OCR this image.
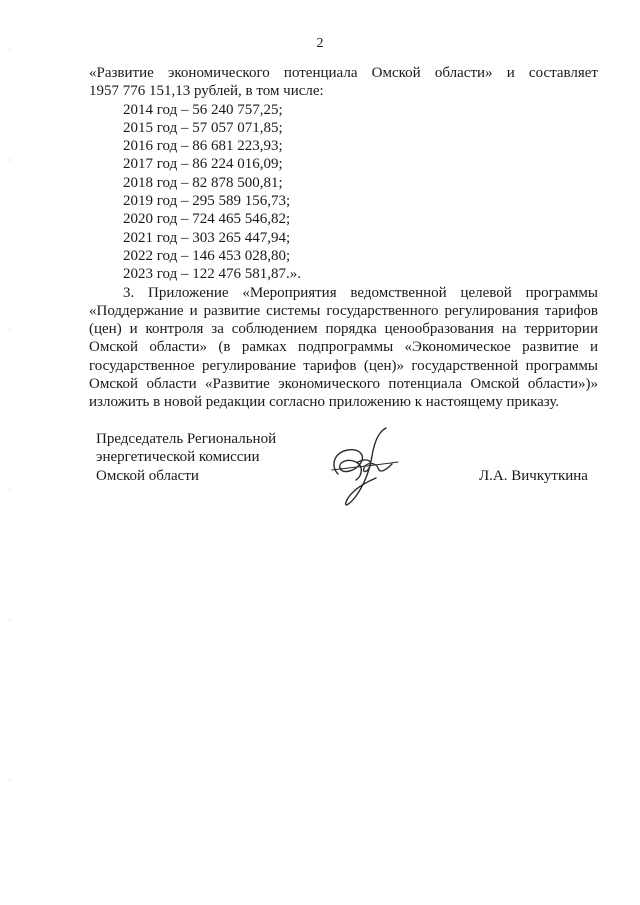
2

«Развитие экономического потенциала Омской области» и составляет

1957 776 151,13 рублей, в том числе:

2014 год – 56 240 757,25;
2015 год – 57 057 071,85;
2016 год – 86 681 223,93;
2017 год – 86 224 016,09;
2018 год – 82 878 500,81;
2019 год – 295 589 156,73;
2020 год – 724 465 546,82;
2021 год – 303 265 447,94;
2022 год – 146 453 028,80;
2023 год – 122 476 581,87.».

3. Приложение «Мероприятия ведомственной целевой программы «Поддержание и развитие системы государственного регулирования тарифов (цен) и контроля за соблюдением порядка ценообразования на территории Омской области» (в рамках подпрограммы «Экономическое развитие и государственное регулирование тарифов (цен)» государственной программы Омской области «Развитие экономического потенциала Омской области»)» изложить в новой редакции согласно приложению к настоящему приказу.

Председатель Региональной
энергетической комиссии
Омской области	Л.А. Вичкуткина
